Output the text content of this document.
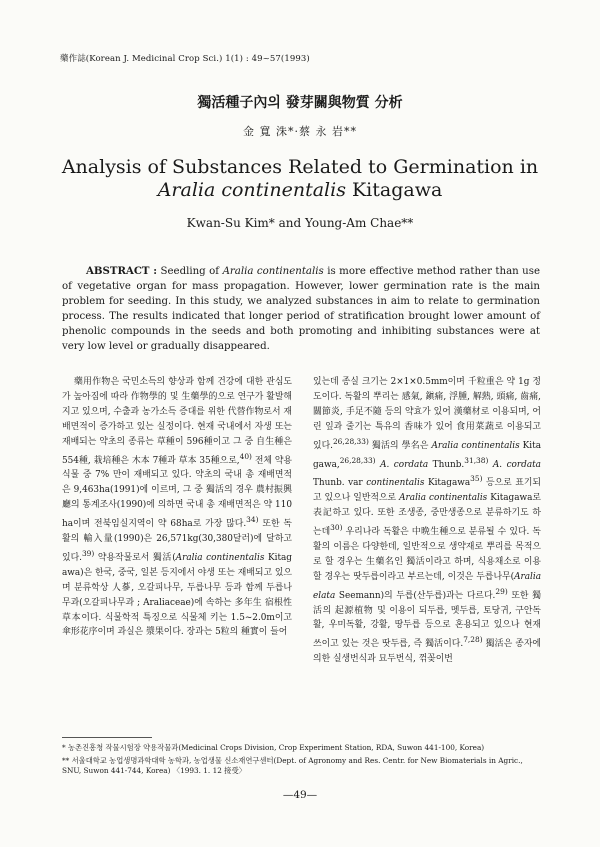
藥作誌(Korean J. Medicinal Crop Sci.) 1(1) : 49~57(1993)
獨活種子內의 發芽關與物質 分析
金 寬 洙*·蔡 永 岩**
Analysis of Substances Related to Germination in
Aralia continentalis Kitagawa
Kwan-Su Kim* and Young-Am Chae**
ABSTRACT : Seedling of Aralia continentalis is more effective method rather than use of vegetative organ for mass propagation. However, lower germination rate is the main problem for seeding. In this study, we analyzed substances in aim to relate to germination process. The results indicated that longer period of stratification brought lower amount of phenolic compounds in the seeds and both promoting and inhibiting substances were at very low level or gradually disappeared.
藥用作物은 국민소득의 향상과 함께 건강에 대한 관심도가 높아짐에 따라 作物學的 및 生藥學的으로 연구가 활발해지고 있으며, 수출과 농가소득 증대를 위한 代替作物로서 재배면적이 증가하고 있는 실정이다. 현재 국내에서 자생 또는 재배되는 약초의 종류는 草種이 596種이고 그 중 自生種은 554種, 栽培種은 木本 7種과 草本 35種으로,$^{40)}$ 전체 약용식물 중 7% 만이 재배되고 있다. 약초의 국내 총 재배면적은 9,463ha(1991)에 이르며, 그 중 獨活의 경우 農村振興廳의 통계조사(1990)에 의하면 국내 총 재배면적은 약 110ha이며 전북임실지역이 약 68ha로 가장 많다.$^{34)}$ 또한 독활의 輸入量(1990)은 26,571kg(30,380달러)에 달하고 있다.$^{39)}$ 약용작물로서 獨活(Aralia continentalis Kitagawa)은 한국, 중국, 일본 등지에서 야생 또는 재배되고 있으며 분류학상 人蔘, 오갈피나무, 두릅나무 등과 함께 두릅나무과(오갈피나무과 ; Araliaceae)에 속하는 多年生 宿根性 草本이다. 식물학적 특징으로 식물체 키는 1.5~2.0m이고 傘形花序이며 과실은 漿果이다. 장과는 5粒의 種實이 들어
있는데 종실 크기는 2×1×0.5mm이며 千粒重은 약 1g 정도이다. 독활의 뿌리는 感氣, 鎭痛, 浮腫, 解熱, 頭痛, 齒痛, 關節炎, 手足不隨 등의 약효가 있어 漢藥材로 이용되며, 어린 잎과 줄기는 특유의 香味가 있어 食用菜蔬로 이용되고 있다.$^{26,28,33)}$ 獨活의 學名은 Aralia continentalis Kitagawa,$^{26,28,33)}$ A. cordata Thunb.$^{31,38)}$ A. cordata Thunb. var continentalis Kitagawa$^{35)}$ 등으로 표기되고 있으나 일반적으로 Aralia continentalis Kitagawa로 表記하고 있다. 또한 조생종, 중만생종으로 분류하기도 하는데$^{30)}$ 우리나라 독활은 中晩生種으로 분류될 수 있다. 독활의 이름은 다양한데, 일반적으로 생약재로 뿌리를 목적으로 할 경우는 生藥名인 獨活이라고 하며, 식용채소로 이용할 경우는 땃두릅이라고 부르는데, 이것은 두릅나무(Aralia elata Seemann)의 두릅(산두릅)과는 다르다.$^{29)}$ 또한 獨活의 起源植物 및 이용이 되두릅, 멧두릅, 토당귀, 구안독활, 우미독활, 강활, 땅두릅 등으로 혼용되고 있으나 현재 쓰이고 있는 것은 땃두릅, 즉 獨活이다.$^{7,28)}$ 獨活은 종자에 의한 실생번식과 묘두번식, 꺾꽂이번
* 농촌진흥청 작물시험장 약용작물과(Medicinal Crops Division, Crop Experiment Station, RDA, Suwon 441-100, Korea)
** 서울대학교 농업생명과학대학 농학과, 농업생물 신소재연구센터(Dept. of Agronomy and Res. Centr. for New Biomaterials in Agric., SNU, Suwon 441-744, Korea) 〈1993. 1. 12 接受〉
—49—
